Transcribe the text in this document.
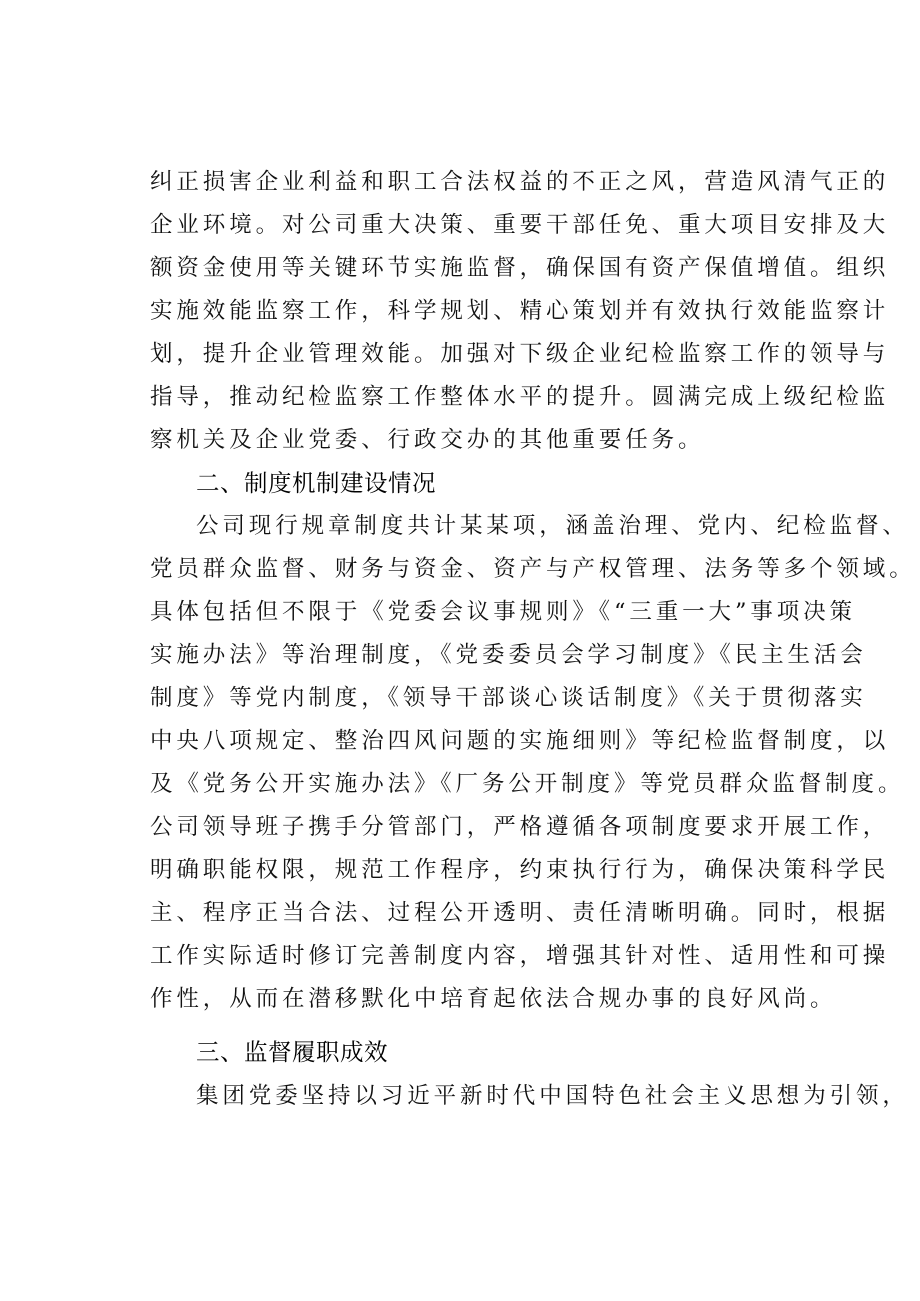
纠正损害企业利益和职工合法权益的不正之风，营造风清气正的
企业环境。对公司重大决策、重要干部任免、重大项目安排及大
额资金使用等关键环节实施监督，确保国有资产保值增值。组织
实施效能监察工作，科学规划、精心策划并有效执行效能监察计
划，提升企业管理效能。加强对下级企业纪检监察工作的领导与
指导，推动纪检监察工作整体水平的提升。圆满完成上级纪检监
察机关及企业党委、行政交办的其他重要任务。
二、制度机制建设情况
公司现行规章制度共计某某项，涵盖治理、党内、纪检监督、
党员群众监督、财务与资金、资产与产权管理、法务等多个领域。
具体包括但不限于《党委会议事规则》《“三重一大”事项决策
实施办法》等治理制度，《党委委员会学习制度》《民主生活会
制度》等党内制度，《领导干部谈心谈话制度》《关于贯彻落实
中央八项规定、整治四风问题的实施细则》等纪检监督制度，以
及《党务公开实施办法》《厂务公开制度》等党员群众监督制度。
公司领导班子携手分管部门，严格遵循各项制度要求开展工作，
明确职能权限，规范工作程序，约束执行行为，确保决策科学民
主、程序正当合法、过程公开透明、责任清晰明确。同时，根据
工作实际适时修订完善制度内容，增强其针对性、适用性和可操
作性，从而在潜移默化中培育起依法合规办事的良好风尚。
三、监督履职成效
集团党委坚持以习近平新时代中国特色社会主义思想为引领，
